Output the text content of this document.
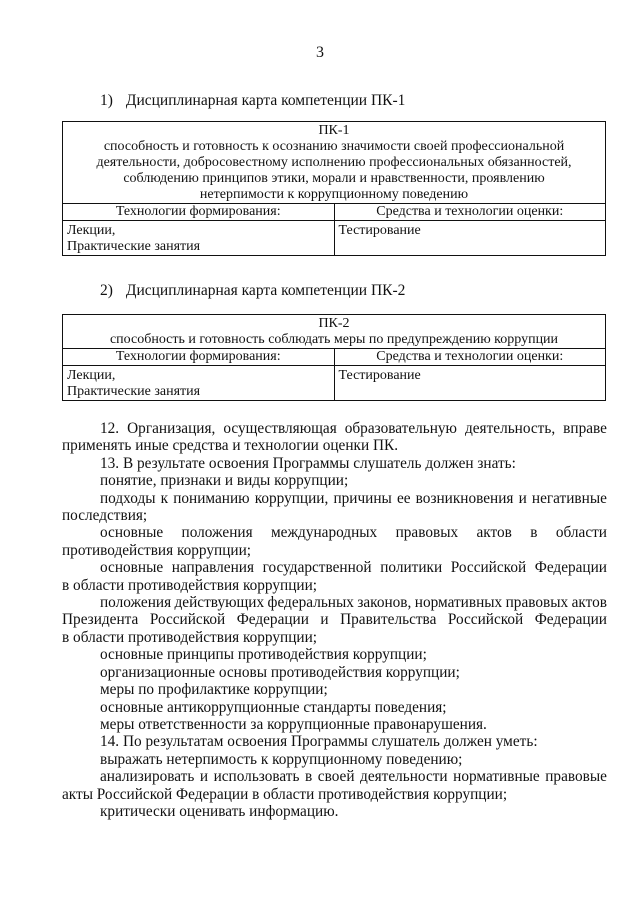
3
1) Дисциплинарная карта компетенции ПК-1
ПК-1	

способность и готовность к осознанию значимости своей профессиональной
деятельности, добросовестному исполнению профессиональных обязанностей,
соблюдению принципов этики, морали и нравственности, проявлению
нетерпимости к коррупционному поведению	

Технологии формирования:	Средства и технологии оценки:

Лекции,
Практические занятия	Тестирование
2) Дисциплинарная карта компетенции ПК-2
ПК-2	

способность и готовность соблюдать меры по предупреждению коррупции	

Технологии формирования:	Средства и технологии оценки:

Лекции,
Практические занятия	Тестирование
12. Организация, осуществляющая образовательную деятельность, вправе
применять иные средства и технологии оценки ПК.
13. В результате освоения Программы слушатель должен знать:
понятие, признаки и виды коррупции;
подходы к пониманию коррупции, причины ее возникновения и негативные
последствия;
основные положения международных правовых актов в области
противодействия коррупции;
основные направления государственной политики Российской Федерации
в области противодействия коррупции;
положения действующих федеральных законов, нормативных правовых актов
Президента Российской Федерации и Правительства Российской Федерации
в области противодействия коррупции;
основные принципы противодействия коррупции;
организационные основы противодействия коррупции;
меры по профилактике коррупции;
основные антикоррупционные стандарты поведения;
меры ответственности за коррупционные правонарушения.
14. По результатам освоения Программы слушатель должен уметь:
выражать нетерпимость к коррупционному поведению;
анализировать и использовать в своей деятельности нормативные правовые
акты Российской Федерации в области противодействия коррупции;
критически оценивать информацию.
